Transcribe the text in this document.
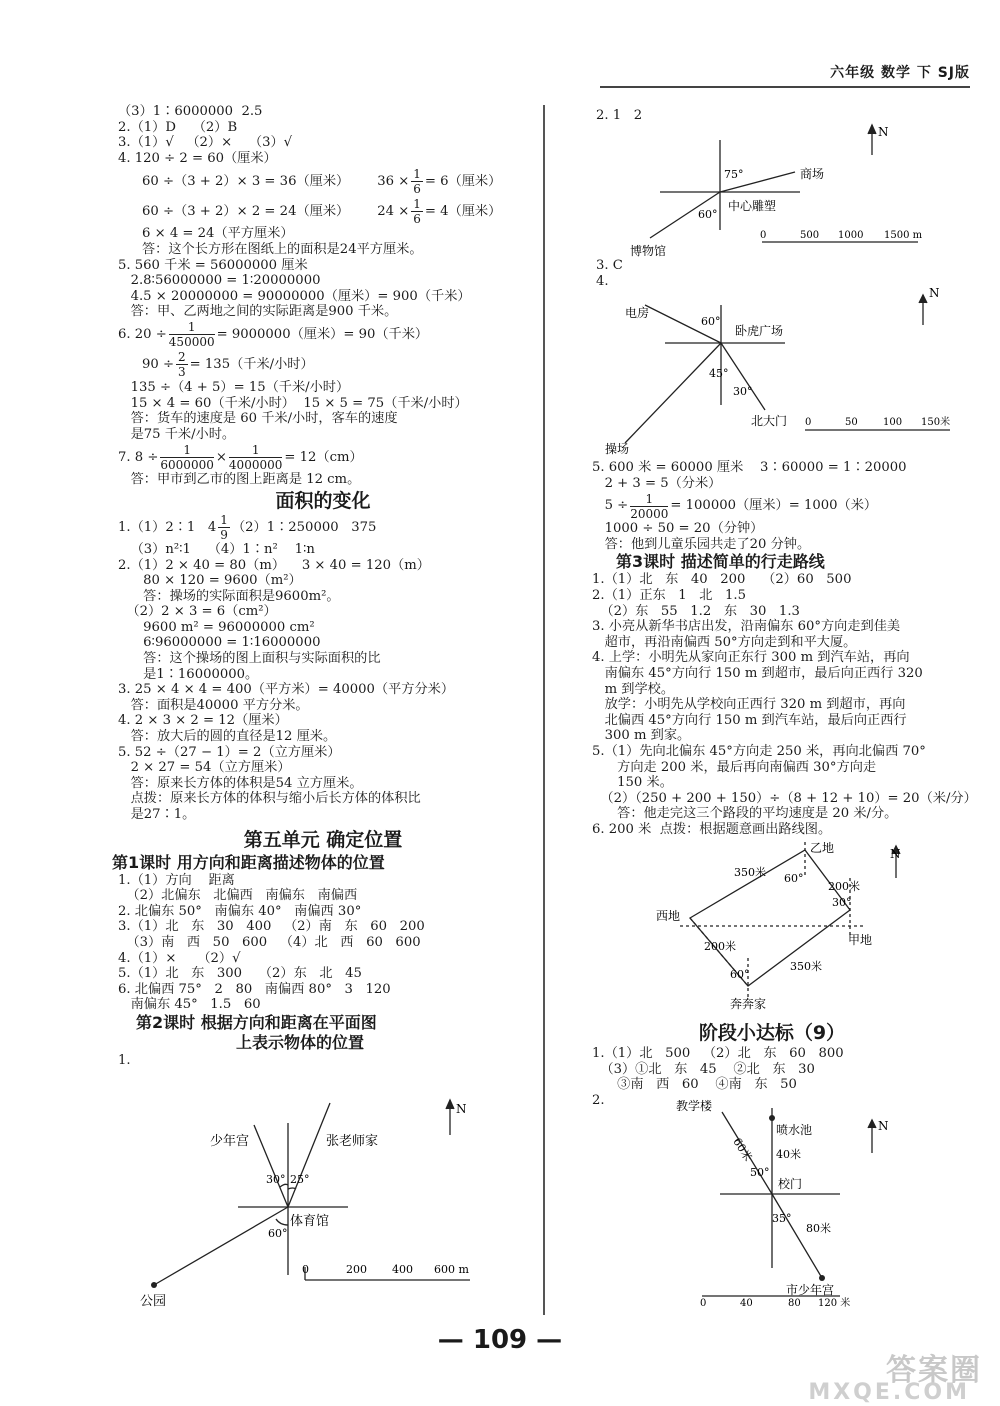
六年级 数学 下 SJ版
（3）1∶6000000  2.5
2.（1）D    （2）B
3.（1）√   （2）×    （3）√
4. 120 ÷ 2 = 60（厘米）
60 ÷（3 + 2）× 3 = 36（厘米） $36 \times \frac{1}{6} = 6$（厘米）
60 ÷（3 + 2）× 2 = 24（厘米） $24 \times \frac{1}{6} = 4$（厘米）
6 × 4 = 24（平方厘米）
答：这个长方形在图纸上的面积是24平方厘米。
5. 560 千米 = 56000000 厘米
2.8∶56000000 = 1∶20000000
4.5 × 20000000 = 90000000（厘米）= 900（千米）
答：甲、乙两地之间的实际距离是900 千米。
6. $20 \div \frac{1}{450000} = 9000000$（厘米）= 90（千米）
$90 \div \frac{2}{3} = 135$（千米/小时）
135 ÷（4 + 5）= 15（千米/小时）
15 × 4 = 60（千米/小时）  15 × 5 = 75（千米/小时）
答：货车的速度是 60 千米/小时，客车的速度
是75 千米/小时。
7. $8 \div \frac{1}{6000000} \times \frac{1}{4000000} = 12(cm)$
答：甲市到乙市的图上距离是 12 cm。
面积的变化
1.（1）2∶1   $4 \frac{1}{9}$ （2）1∶250000   375
（3）n²∶1    （4）1∶n²    1∶n
2.（1）2 × 40 = 80（m）    3 × 40 = 120（m）
80 × 120 = 9600（m²）
答：操场的实际面积是9600m²。
（2）2 × 3 = 6（cm²）
9600 m² = 96000000 cm²
6∶96000000 = 1∶16000000
答：这个操场的图上面积与实际面积的比
是1∶16000000。
3. 25 × 4 × 4 = 400（平方米）= 40000（平方分米）
答：面积是40000 平方分米。
4. 2 × 3 × 2 = 12（厘米）
答：放大后的圆的直径是12 厘米。
5. 52 ÷（27 − 1）= 2（立方厘米）
2 × 27 = 54（立方厘米）
答：原来长方体的体积是54 立方厘米。
点拨：原来长方体的体积与缩小后长方体的体积比
是27∶1。
第五单元 确定位置
第1课时 用方向和距离描述物体的位置
1.（1）方向    距离
（2）北偏东   北偏西   南偏东   南偏西
2. 北偏东 50°   南偏东 40°   南偏西 30°
3.（1）北   东   30   400   （2）南   东   60   200
（3）南   西   50   600   （4）北   西   60   600
4.（1）×     （2）√
5.（1）北   东   300    （2）东   北   45
6. 北偏西 75°   2   80   南偏西 80°   3   120
南偏东 45°   1.5   60
第2课时 根据方向和距离在平面图
上表示物体的位置
1.
N
少年宫	张老师家
体育馆
公园
30° 25°
60°
0	200 400 600 m
2. 1   2
N
商场
中心雕塑
博物馆
75°
60°
0	500 1000 1500 m
3. C
4.
电房
卧虎广场
北大门
操场
N
60°
45°
30°
0	50	100 150米
5. 600 米 = 60000 厘米    3∶60000 = 1∶20000
2 + 3 = 5（分米）
$5 \div \frac{1}{20000} = 100000$（厘米）= 1000（米）
1000 ÷ 50 = 20（分钟）
答：他到儿童乐园共走了20 分钟。
第3课时 描述简单的行走路线
1.（1）北   东   40   200    （2）60   500
2.（1）正东   1   北   1.5
（2）东   55   1.2   东   30   1.3
3. 小亮从新华书店出发，沿南偏东 60°方向走到佳美
超市，再沿南偏西 50°方向走到和平大厦。
4. 上学：小明先从家向正东行 300 m 到汽车站，再向
南偏东 45°方向行 150 m 到超市，最后向正西行 320
m 到学校。
放学：小明先从学校向正西行 320 m 到超市，再向
北偏西 45°方向行 150 m 到汽车站，最后向正西行
300 m 到家。
5.（1）先向北偏东 45°方向走 250 米，再向北偏西 70°
方向走 200 米，最后再向南偏西 30°方向走
150 米。
（2）（250 + 200 + 150）÷（8 + 12 + 10）= 20（米/分）
答：他走完这三个路段的平均速度是 20 米/分。
6. 200 米  点拨：根据题意画出路线图。
乙地
西地
甲地
奔奔家
N
350米
200米
200米
350米
60°
30°
60°
阶段小达标（9）
1.（1）北   500   （2）北   东   60   800
（3）①北   东   45    ②北   东   30
③南   西   60    ④南   东   50
2.	教学楼
喷水池
校门
市少年宫
N
60米 40米
80米
50°
35°
0	40	80 120 米
— 109 —
答案圈
MXQE.COM
